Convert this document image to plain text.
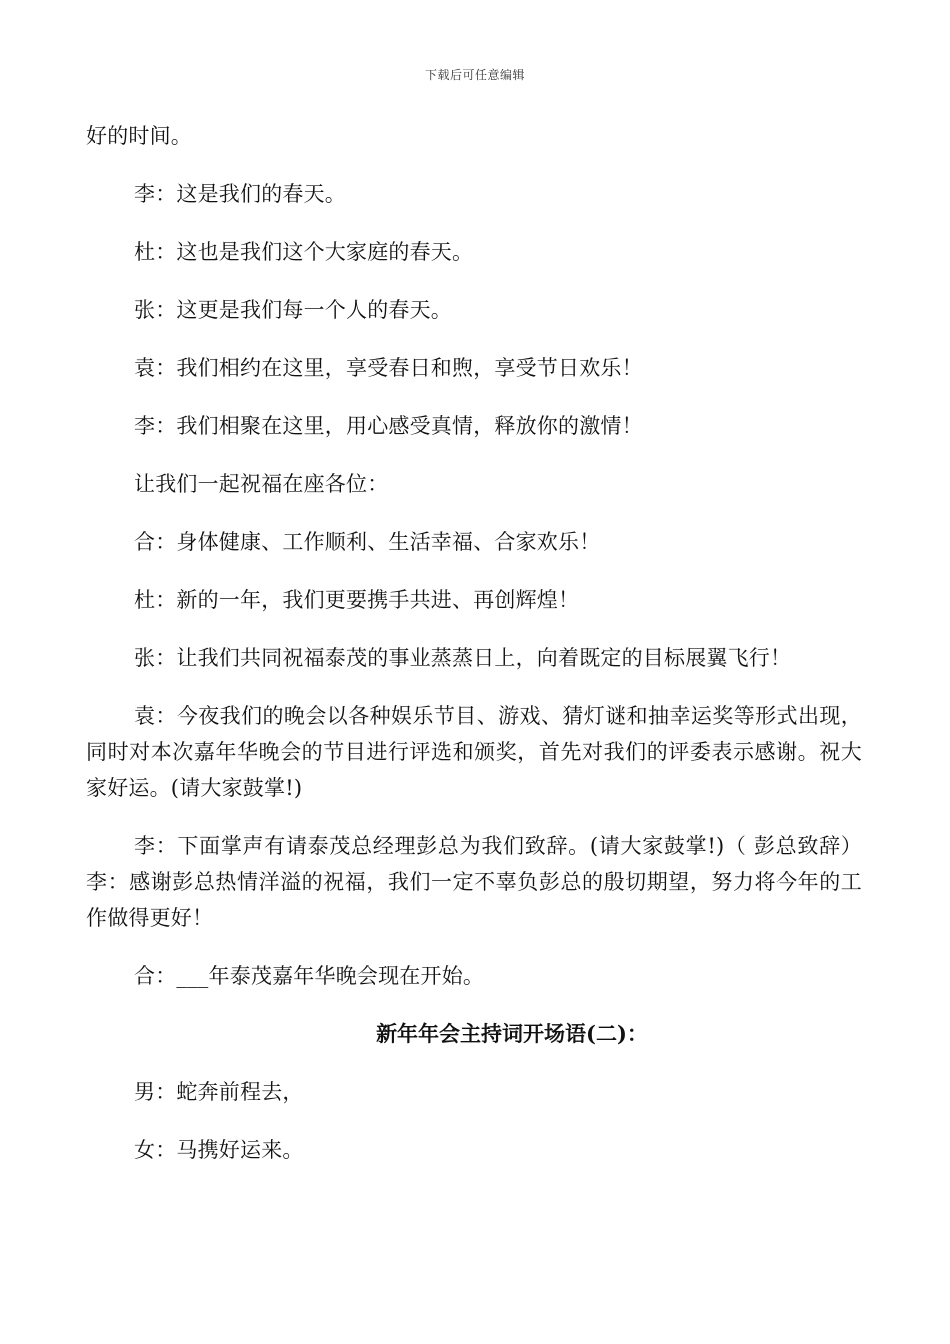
下载后可任意编辑

好的时间。

李：这是我们的春天。

杜：这也是我们这个大家庭的春天。

张：这更是我们每一个人的春天。

袁：我们相约在这里，享受春日和煦，享受节日欢乐！

李：我们相聚在这里，用心感受真情，释放你的激情！

让我们一起祝福在座各位：

合：身体健康、工作顺利、生活幸福、合家欢乐！

杜：新的一年，我们更要携手共进、再创辉煌！

张：让我们共同祝福泰茂的事业蒸蒸日上，向着既定的目标展翼飞行！

袁：今夜我们的晚会以各种娱乐节目、游戏、猜灯谜和抽幸运奖等形式出现，同时对本次嘉年华晚会的节目进行评选和颁奖，首先对我们的评委表示感谢。祝大家好运。(请大家鼓掌!)

李：下面掌声有请泰茂总经理彭总为我们致辞。(请大家鼓掌!)（ 彭总致辞）李：感谢彭总热情洋溢的祝福，我们一定不辜负彭总的殷切期望，努力将今年的工作做得更好！

合：___年泰茂嘉年华晚会现在开始。

新年年会主持词开场语(二)：

男：蛇奔前程去，

女：马携好运来。
